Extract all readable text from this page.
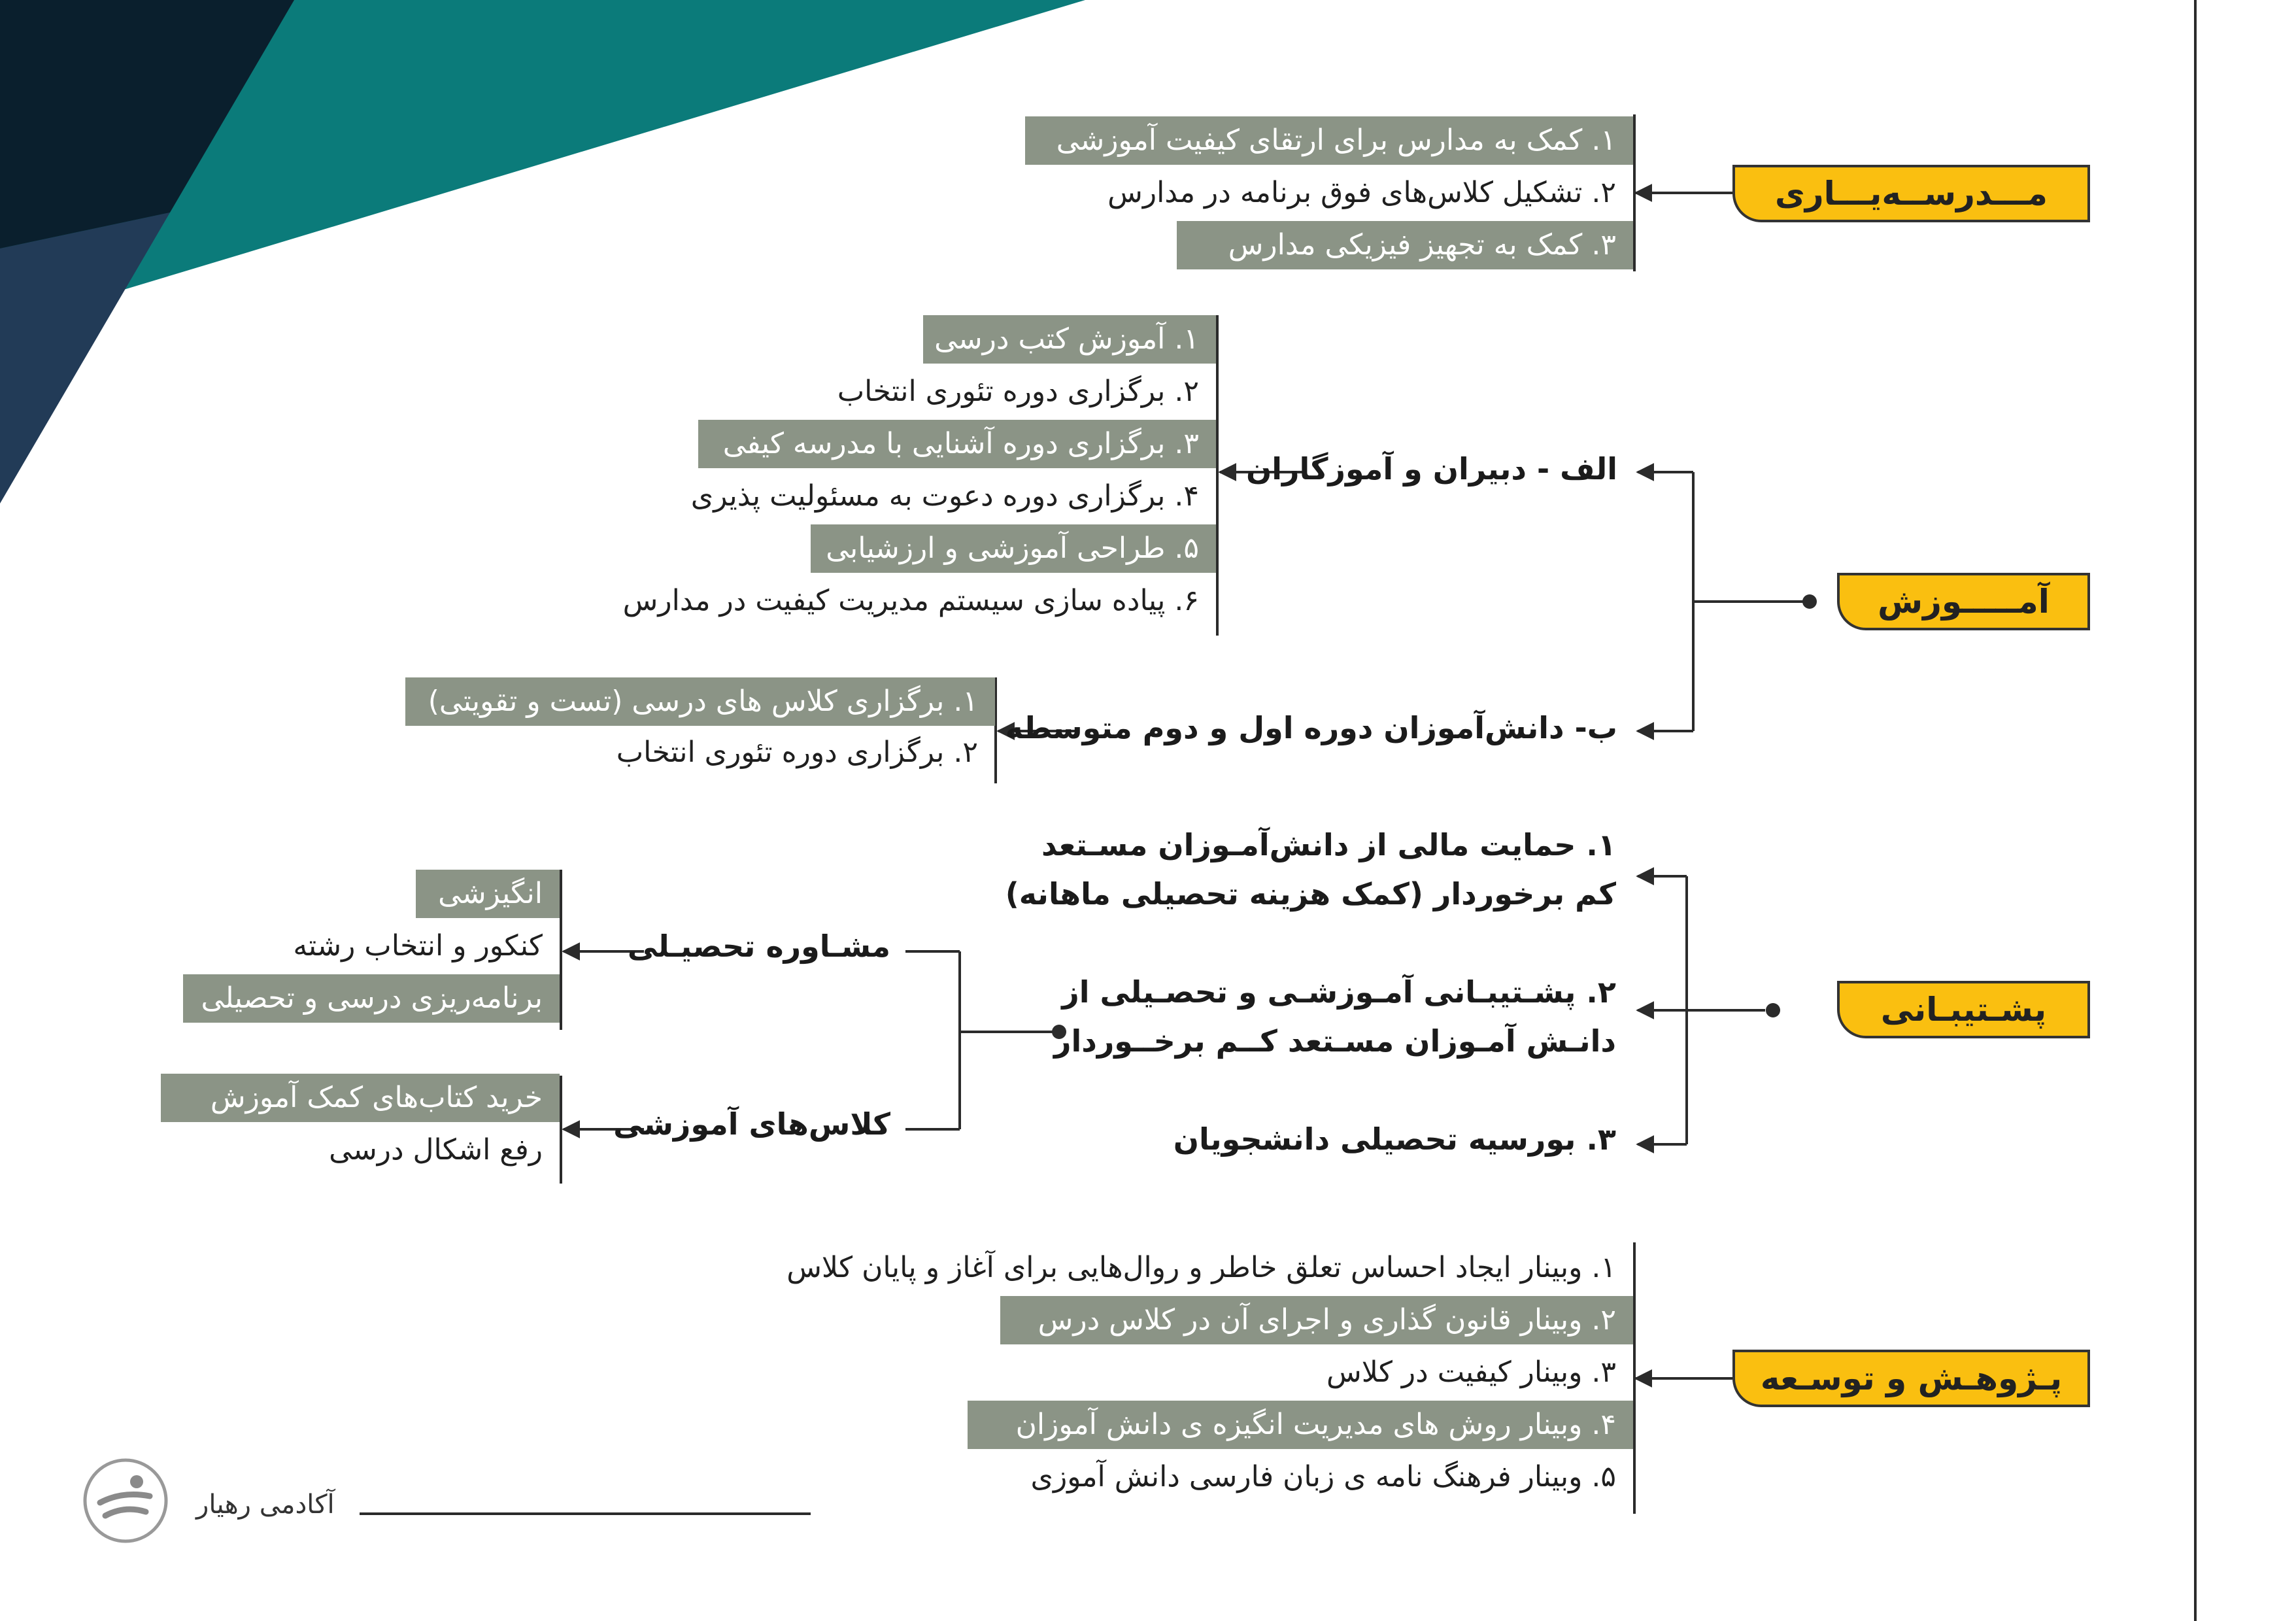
مـــدرســه‌یـــاری
آمـــــوزش
پشـتیبـانی
پـژوهـش و توسـعه
۱. کمک به مدارس برای ارتقای کیفیت آموزشی
۲. تشکیل کلاس‌های فوق برنامه در مدارس
۳. کمک به تجهیز فیزیکی مدارس
الف - دبیران و آموزگاران
ب- دانش‌آموزان دوره اول و دوم متوسطه
۱. آموزش کتب درسی
۲. برگزاری دوره تئوری انتخاب
۳. برگزاری دوره آشنایی با مدرسه کیفی
۴. برگزاری دوره دعوت به مسئولیت پذیری
۵. طراحی آموزشی و ارزشیابی
۶. پیاده سازی سیستم مدیریت کیفیت در مدارس
۱. برگزاری کلاس های درسی (تست و تقویتی)
۲. برگزاری دوره تئوری انتخاب
۱. حمایت مالی از دانش‌آمـوزان مسـتعد
کم برخوردار (کمک هزینه تحصیلی ماهانه)
۲. پشـتیبـانی آمـوزشـی و تحصـیلی از
دانـش آمـوزان مسـتعد کــم برخــوردار
۳. بورسیه تحصیلی دانشجویان
مشـاوره تحصیـلی
کلاس‌های آموزشی
انگیزشی
کنکور و انتخاب رشته
برنامه‌ریزی درسی و تحصیلی
خرید کتاب‌های کمک آموزش
رفع اشکال درسی
۱. وبینار ایجاد احساس تعلق خاطر و روال‌هایی برای آغاز و پایان کلاس
۲. وبینار قانون گذاری و اجرای آن در کلاس درس
۳. وبینار کیفیت در کلاس
۴. وبینار روش های مدیریت انگیزه ی دانش آموزان
۵. وبینار فرهنگ نامه ی زبان فارسی دانش آموزی
آکادمی رهیار
